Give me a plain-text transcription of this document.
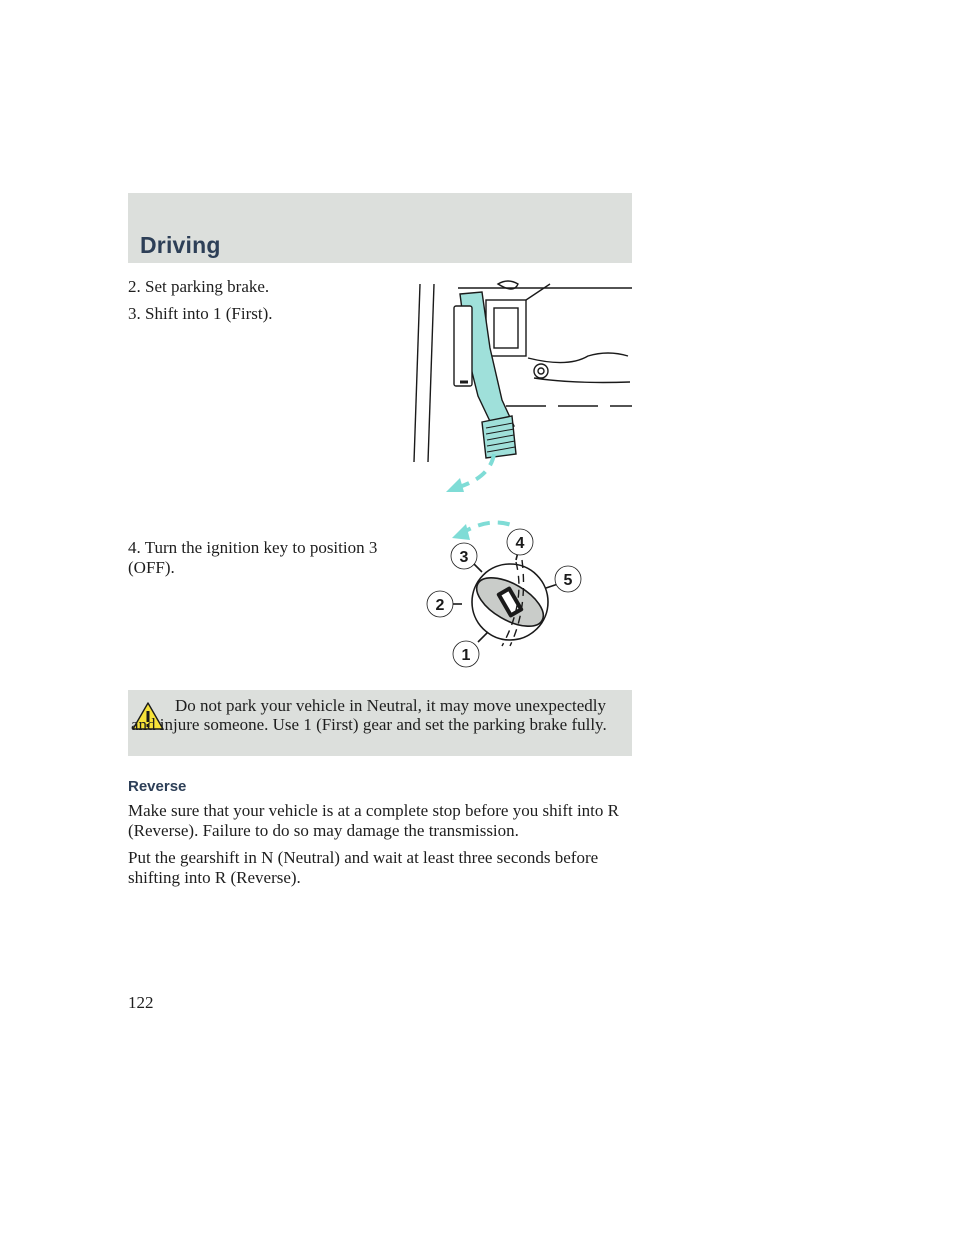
Driving

2. Set parking brake.

3. Shift into 1 (First).

4. Turn the ignition key to position 3 (OFF).

1
2
3
4
5

Do not park your vehicle in Neutral, it may move unexpectedly and injure someone. Use 1 (First) gear and set the parking brake fully.

Reverse

Make sure that your vehicle is at a complete stop before you shift into R (Reverse). Failure to do so may damage the transmission.

Put the gearshift in N (Neutral) and wait at least three seconds before shifting into R (Reverse).

122
